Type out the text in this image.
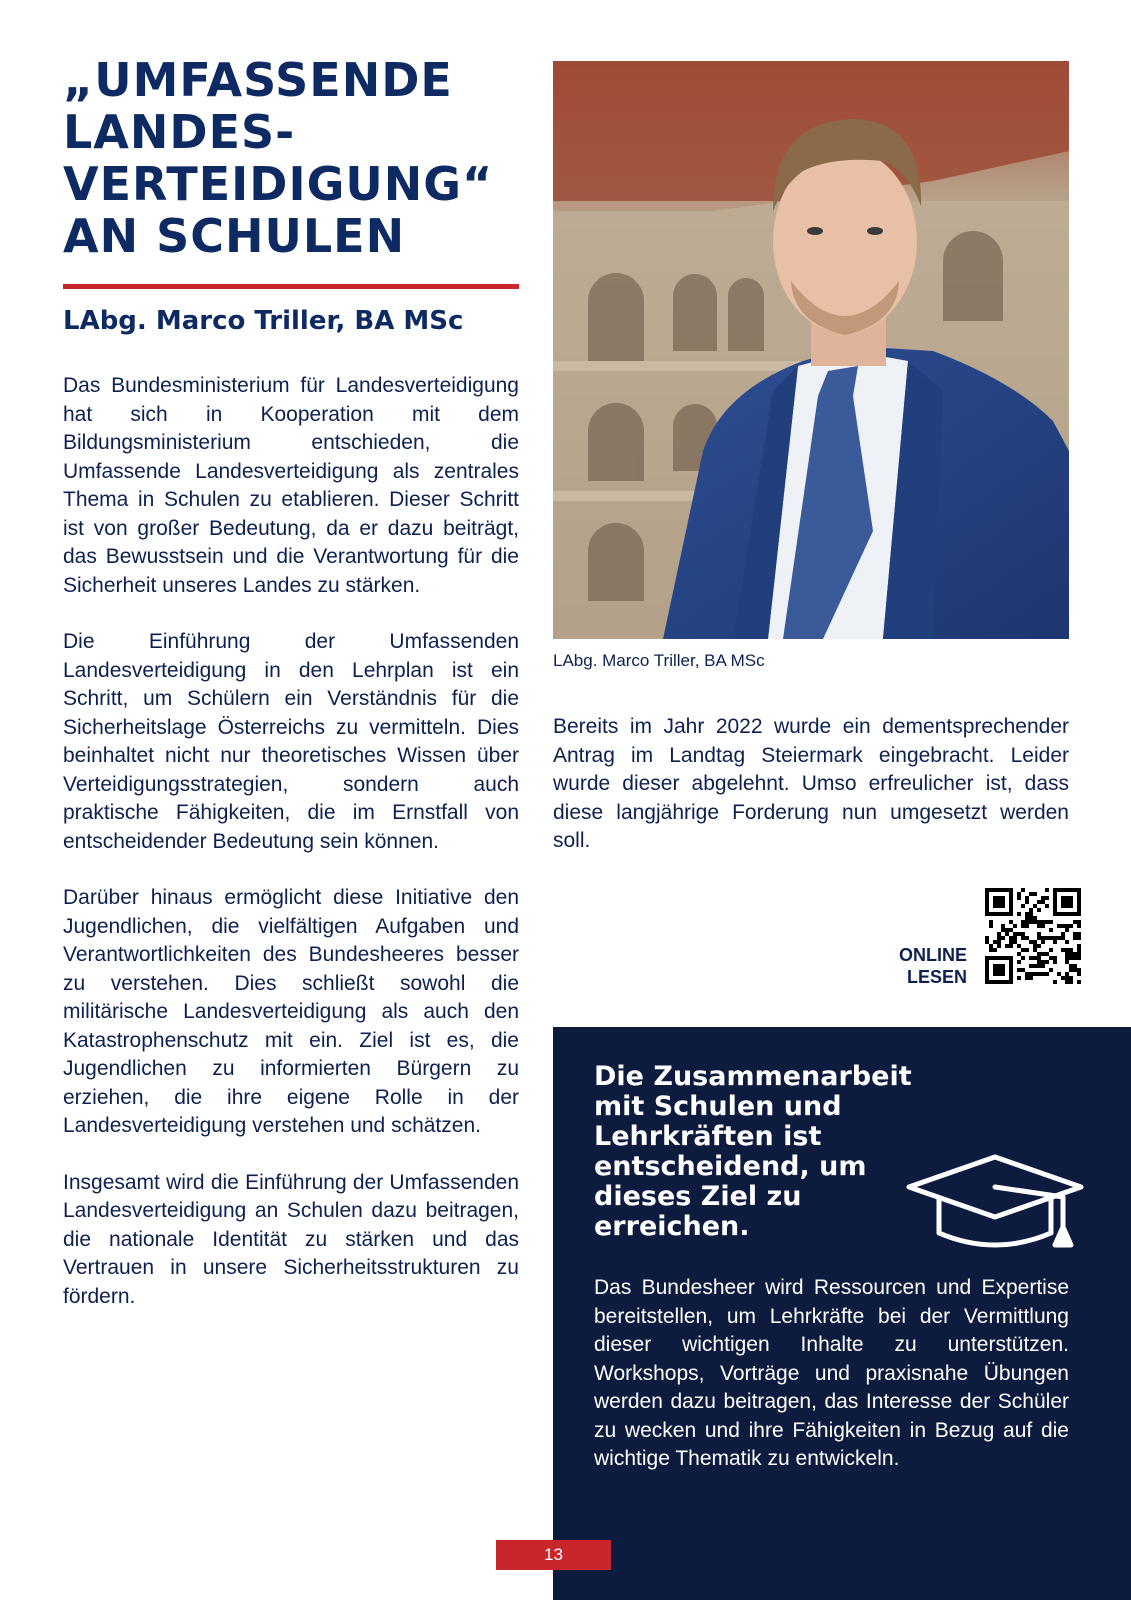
„UMFASSENDE
LANDES-
VERTEIDIGUNG“
AN SCHULEN
LAbg. Marco Triller, BA MSc

Das Bundesministerium für Landesverteidigung hat sich in Kooperation mit dem Bildungsministerium entschieden, die Umfassende Landesverteidigung als zentrales Thema in Schulen zu etablieren. Dieser Schritt ist von großer Bedeutung, da er dazu beiträgt, das Bewusstsein und die Verantwortung für die Sicherheit unseres Landes zu stärken.

Die Einführung der Umfassenden Landesverteidigung in den Lehrplan ist ein Schritt, um Schülern ein Verständnis für die Sicherheitslage Österreichs zu vermitteln. Dies beinhaltet nicht nur theoretisches Wissen über Verteidigungsstrategien, sondern auch praktische Fähigkeiten, die im Ernstfall von entscheidender Bedeutung sein können.

Darüber hinaus ermöglicht diese Initiative den Jugendlichen, die vielfältigen Aufgaben und Verantwortlichkeiten des Bundesheeres besser zu verstehen. Dies schließt sowohl die militärische Landesverteidigung als auch den Katastrophenschutz mit ein. Ziel ist es, die Jugendlichen zu informierten Bürgern zu erziehen, die ihre eigene Rolle in der Landesverteidigung verstehen und schätzen.

Insgesamt wird die Einführung der Umfassenden Landesverteidigung an Schulen dazu beitragen, die nationale Identität zu stärken und das Vertrauen in unsere Sicherheitsstrukturen zu fördern.

LAbg. Marco Triller, BA MSc

Bereits im Jahr 2022 wurde ein dementsprechender Antrag im Landtag Steiermark eingebracht. Leider wurde dieser abgelehnt. Umso erfreulicher ist, dass diese langjährige Forderung nun umgesetzt werden soll.

ONLINE
LESEN

Die Zusammenarbeit mit Schulen und Lehrkräften ist entscheidend, um dieses Ziel zu erreichen.

Das Bundesheer wird Ressourcen und Expertise bereitstellen, um Lehrkräfte bei der Vermittlung dieser wichtigen Inhalte zu unterstützen. Workshops, Vorträge und praxisnahe Übungen werden dazu beitragen, das Interesse der Schüler zu wecken und ihre Fähigkeiten in Bezug auf die wichtige Thematik zu entwickeln.

13
